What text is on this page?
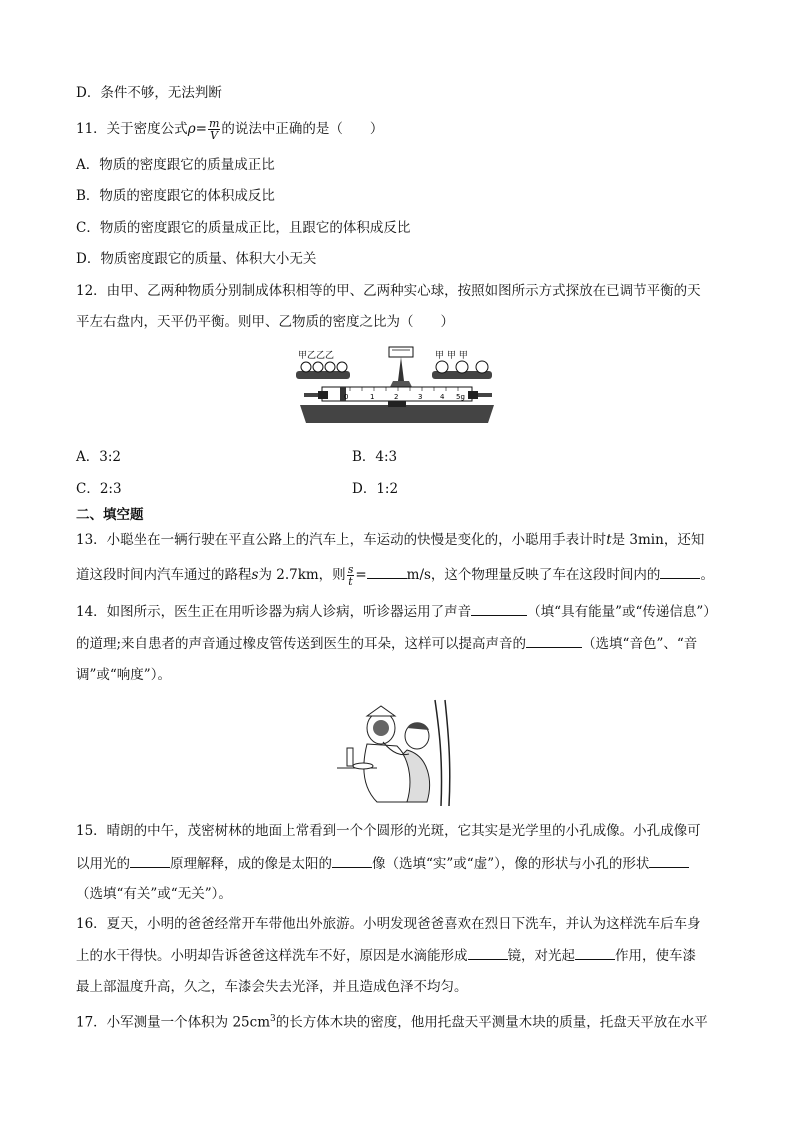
D．条件不够，无法判断
11．关于密度公式$\rho= \frac{m}{V}$ 的说法中正确的是（　　）
A．物质的密度跟它的质量成正比
B．物质的密度跟它的体积成反比
C．物质的密度跟它的质量成正比，且跟它的体积成反比
D．物质密度跟它的质量、体积大小无关
12．由甲、乙两种物质分别制成体积相等的甲、乙两种实心球，按照如图所示方式探放在已调节平衡的天
平左右盘内，天平仍平衡。则甲、乙物质的密度之比为（　　）
甲乙乙乙	甲 甲 甲
0	1	2	3	4 5g
A．3:2	B．4:3
C．2:3	D．1:2
二、填空题
13．小聪坐在一辆行驶在平直公路上的汽车上，车运动的快慢是变化的，小聪用手表计时t是 3min，还知
道这段时间内汽车通过的路程s为 2.7km，则 $\frac{s}{t}$ =	m/s，这个物理量反映了车在这段时间内的	。
14．如图所示，医生正在用听诊器为病人诊病，听诊器运用了声音	（填“具有能量”或“传递信息”）
的道理;来自患者的声音通过橡皮管传送到医生的耳朵，这样可以提高声音的	（选填“音色”、“音
调”或“响度”）。
15．晴朗的中午，茂密树林的地面上常看到一个个圆形的光斑，它其实是光学里的小孔成像。小孔成像可
以用光的	原理解释，成的像是太阳的	像（选填“实”或“虚”），像的形状与小孔的形状
（选填“有关”或“无关”）。
16．夏天，小明的爸爸经常开车带他出外旅游。小明发现爸爸喜欢在烈日下洗车，并认为这样洗车后车身
上的水干得快。小明却告诉爸爸这样洗车不好，原因是水滴能形成	镜，对光起	作用，使车漆
最上部温度升高，久之，车漆会失去光泽，并且造成色泽不均匀。
17．小军测量一个体积为 $25cm^3$的长方体木块的密度，他用托盘天平测量木块的质量，托盘天平放在水平
